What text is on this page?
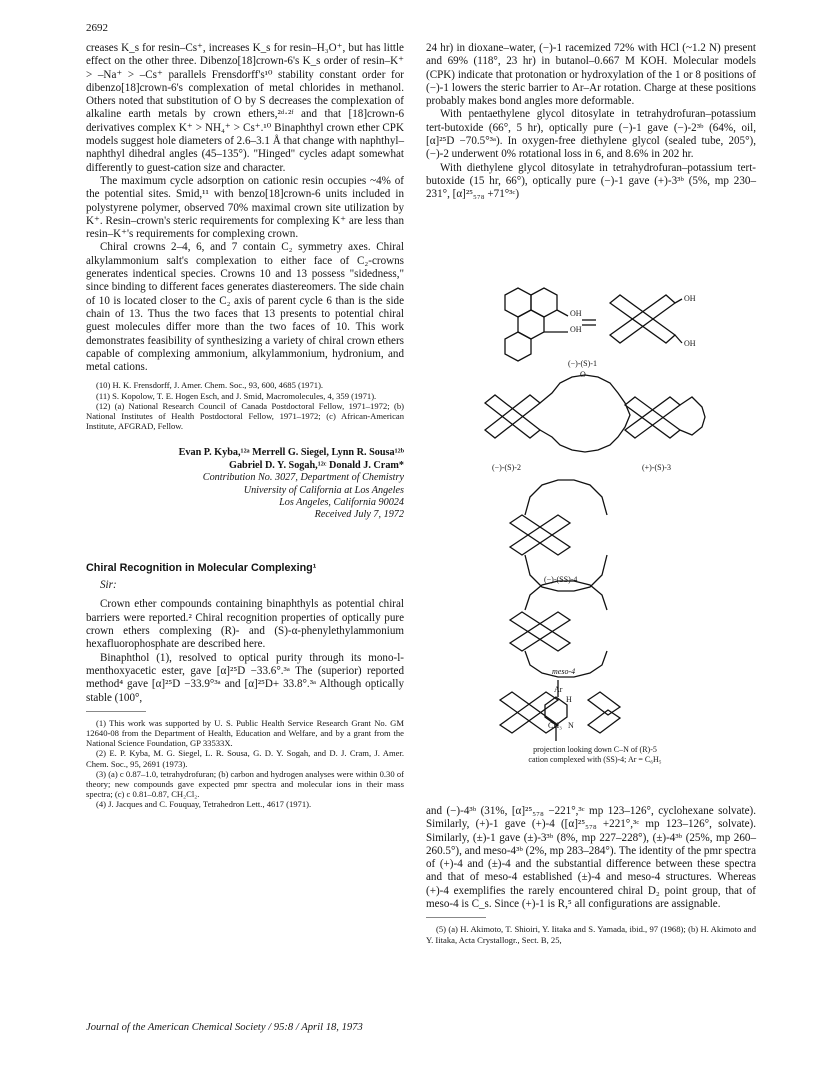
2692

creases K_s for resin–Cs⁺, increases K_s for resin–H₃O⁺, but has little effect on the other three. Dibenzo[18]crown-6's K_s order of resin–K⁺ > –Na⁺ > –Cs⁺ parallels Frensdorff's¹⁰ stability constant order for dibenzo[18]crown-6's complexation of metal chlorides in methanol. Others noted that substitution of O by S decreases the complexation of alkaline earth metals by crown ethers,²ᵈ·²ᶠ and that [18]crown-6 derivatives complex K⁺ > NH₄⁺ > Cs⁺.¹⁰ Binaphthyl crown ether CPK models suggest hole diameters of 2.6–3.1 Å that change with naphthyl–naphthyl dihedral angles (45–135°). "Hinged" cycles adapt somewhat differently to guest-cation size and character.

The maximum cycle adsorption on cationic resin occupies ~4% of the potential sites. Smid,¹¹ with benzo[18]crown-6 units included in polystyrene polymer, observed 70% maximal crown site utilization by K⁺. Resin–crown's steric requirements for complexing K⁺ are less than resin–K⁺'s requirements for complexing crown.

Chiral crowns 2–4, 6, and 7 contain C₂ symmetry axes. Chiral alkylammonium salt's complexation to either face of C₂-crowns generates indentical species. Crowns 10 and 13 possess "sidedness," since binding to different faces generates diastereomers. The side chain of 10 is located closer to the C₂ axis of parent cycle 6 than is the side chain of 13. Thus the two faces that 13 presents to potential chiral guest molecules differ more than the two faces of 10. This work demonstrates feasibility of synthesizing a variety of chiral crown ethers capable of complexing ammonium, alkylammonium, hydronium, and metal cations.

(10) H. K. Frensdorff, J. Amer. Chem. Soc., 93, 600, 4685 (1971).

(11) S. Kopolow, T. E. Hogen Esch, and J. Smid, Macromolecules, 4, 359 (1971).

(12) (a) National Research Council of Canada Postdoctoral Fellow, 1971–1972; (b) National Institutes of Health Postdoctoral Fellow, 1971–1972; (c) African-American Institute, AFGRAD, Fellow.

Evan P. Kyba,¹²ᵃ Merrell G. Siegel, Lynn R. Sousa¹²ᵇ
Gabriel D. Y. Sogah,¹²ᶜ Donald J. Cram*
Contribution No. 3027, Department of Chemistry
University of California at Los Angeles
Los Angeles, California 90024
Received July 7, 1972
Chiral Recognition in Molecular Complexing¹
Sir:

Crown ether compounds containing binaphthyls as potential chiral barriers were reported.² Chiral recognition properties of optically pure crown ethers complexing (R)- and (S)-α-phenylethylammonium hexafluorophosphate are described here.

Binaphthol (1), resolved to optical purity through its mono-l-menthoxyacetic ester, gave [α]²⁵D −33.6°.³ᵃ The (superior) reported method⁴ gave [α]²⁵D −33.9°³ᵃ and [α]²⁵D+ 33.8°.³ᵃ Although optically stable (100°,

(1) This work was supported by U. S. Public Health Service Research Grant No. GM 12640-08 from the Department of Health, Education and Welfare, and by a grant from the National Science Foundation, GP 33533X.

(2) E. P. Kyba, M. G. Siegel, L. R. Sousa, G. D. Y. Sogah, and D. J. Cram, J. Amer. Chem. Soc., 95, 2691 (1973).

(3) (a) c 0.87–1.0, tetrahydrofuran; (b) carbon and hydrogen analyses were within 0.30 of theory; new compounds gave expected pmr spectra and molecular ions in their mass spectra; (c) c 0.81–0.87, CH₂Cl₂.

(4) J. Jacques and C. Fouquay, Tetrahedron Lett., 4617 (1971).

24 hr) in dioxane–water, (−)-1 racemized 72% with HCl (~1.2 N) present and 69% (118°, 23 hr) in butanol–0.667 M KOH. Molecular models (CPK) indicate that protonation or hydroxylation of the 1 or 8 positions of (−)-1 lowers the steric barrier to Ar–Ar rotation. Charge at these positions probably makes bond angles more deformable.

With pentaethylene glycol ditosylate in tetrahydrofuran–potassium tert-butoxide (66°, 5 hr), optically pure (−)-1 gave (−)-2³ᵇ (64%, oil, [α]²⁵D −70.5°³ᵃ). In oxygen-free diethylene glycol (sealed tube, 205°), (−)-2 underwent 0% rotational loss in 6, and 8.6% in 202 hr.

With diethylene glycol ditosylate in tetrahydrofuran–potassium tert-butoxide (15 hr, 66°), optically pure (−)-1 gave (+)-3³ᵇ (5%, mp 230–231°, [α]²⁵₅₇₈ +71°³ᶜ)

and (−)-4³ᵇ (31%, [α]²⁵₅₇₈ −221°,³ᶜ mp 123–126°, cyclohexane solvate). Similarly, (+)-1 gave (+)-4 ([α]²⁵₅₇₈ +221°,³ᶜ mp 123–126°, solvate). Similarly, (±)-1 gave (±)-3³ᵇ (8%, mp 227–228°), (±)-4³ᵇ (25%, mp 260–260.5°), and meso-4³ᵇ (2%, mp 283–284°). The identity of the pmr spectra of (+)-4 and (±)-4 and the substantial difference between these spectra and that of meso-4 established (±)-4 and meso-4 structures. Whereas (+)-4 exemplifies the rarely encountered chiral D₂ point group, that of meso-4 is C_s. Since (+)-1 is R,⁵ all configurations are assignable.

(5) (a) H. Akimoto, T. Shioiri, Y. Iitaka and S. Yamada, ibid., 97 (1968); (b) H. Akimoto and Y. Iitaka, Acta Crystallogr., Sect. B, 25,

OH
OH
OH
OH
(−)-(S)-1
O
(−)-(S)-2	(+)-(S)-3
(−)-(SS)-4
meso-4
Ar
H
CH₃ N
projection looking down C–N of (R)-5
cation complexed with (SS)-4; Ar = C₆H₅
Journal of the American Chemical Society / 95:8 / April 18, 1973
